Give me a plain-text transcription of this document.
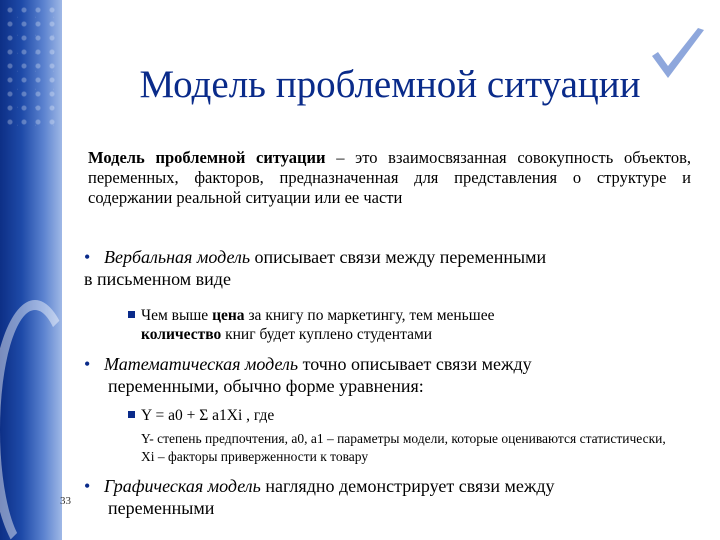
Модель проблемной ситуации
Модель проблемной ситуации – это взаимосвязанная совокупность объектов, переменных, факторов, предназначенная для представления о структуре и содержании реальной ситуации или ее части
• Вербальная модель описывает связи между переменными
в письменном виде
Чем выше цена за книгу по маркетингу, тем меньшее
количество книг будет куплено студентами
• Математическая модель точно описывает связи между
переменными, обычно форме уравнения:
Y = a0 + Σ a1Xi , где
Y- степень предпочтения, a0, a1 – параметры модели, которые оцениваются статистически, Xi – факторы приверженности к товару
• Графическая модель наглядно демонстрирует связи между
переменными
33
